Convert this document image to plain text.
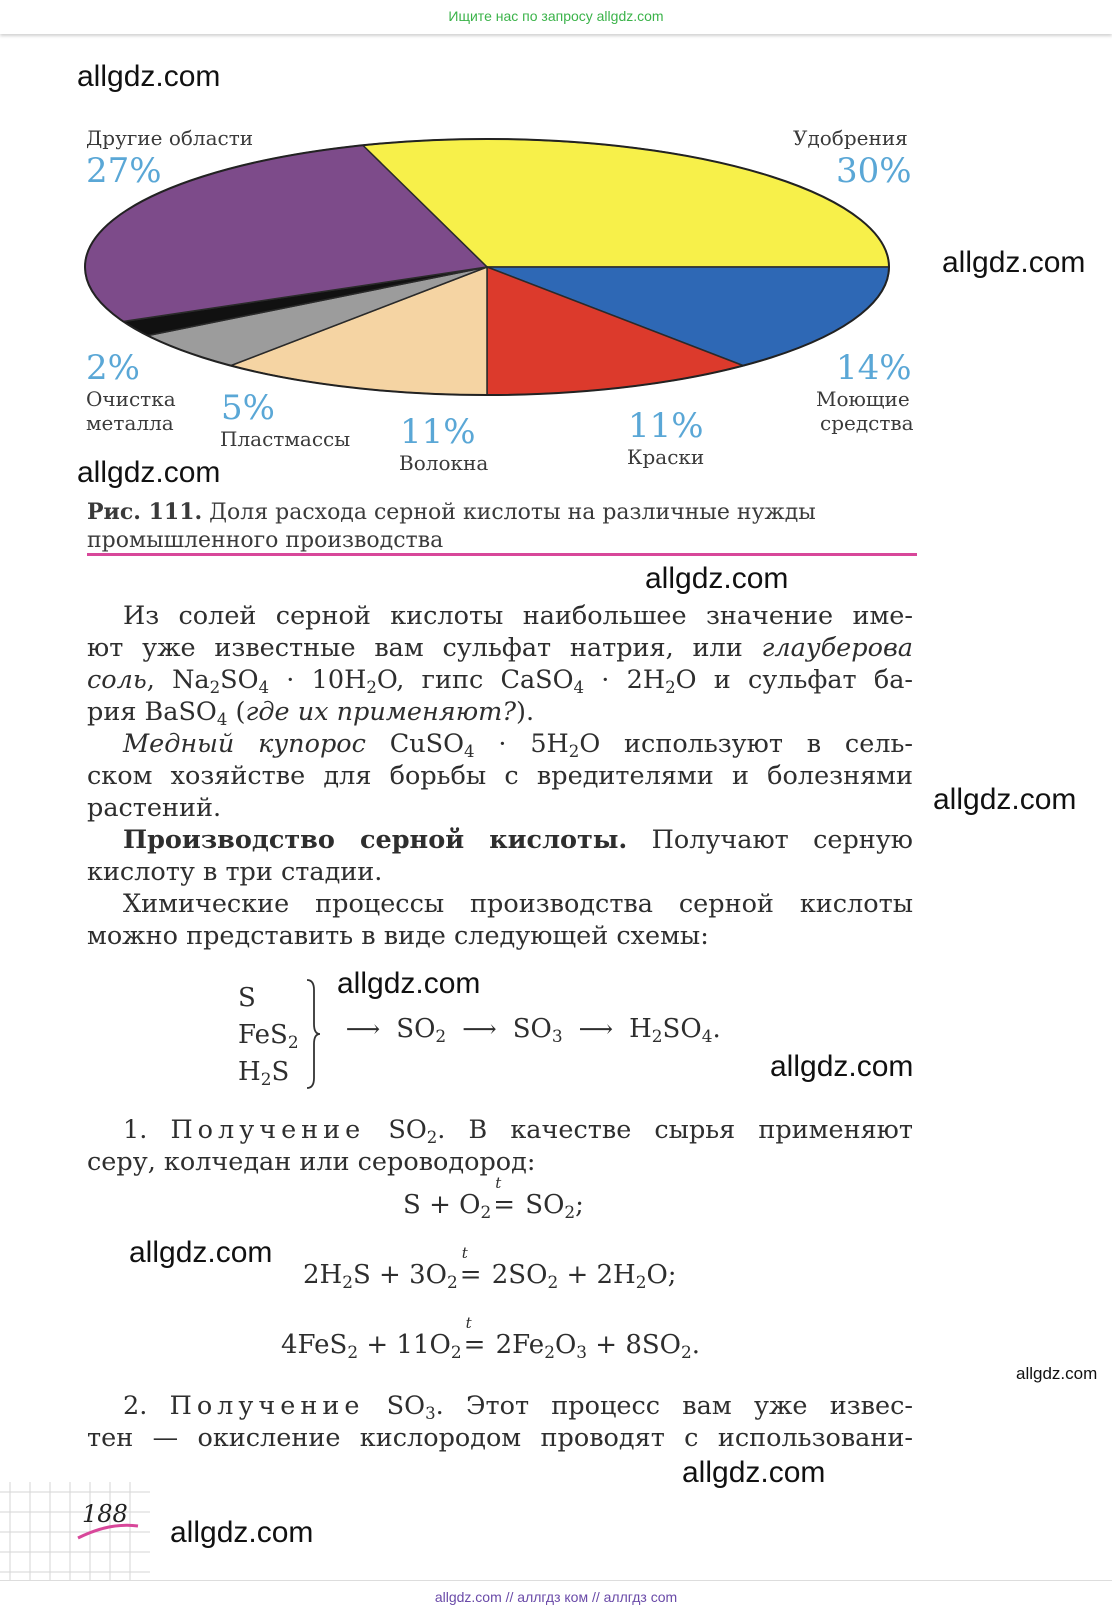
Ищите нас по запросу allgdz.com
allgdz.com
allgdz.com
allgdz.com
allgdz.com
allgdz.com
allgdz.com
allgdz.com
allgdz.com
allgdz.com
allgdz.com
allgdz.com
Другие области
27%
Удобрения
30%
14%
Моющие
средства
11%
Краски
11%
Волокна
5%
Пластмассы
2%
Очистка
металла
Рис. 111. Доля расхода серной кислоты на различные нужды
промышленного производства
Из солей серной кислоты наибольшее значение име-
ют уже известные вам сульфат натрия, или глауберова
соль, $Na_2SO_4 \cdot 10H_2O$, гипс CaSO$_4$ · $2H_2O$ и сульфат ба-
рия BaSO$_4$ (где их применяют?).
Медный купорос CuSO$_4$ · $5H_2O$ используют в сель-
ском хозяйстве для борьбы с вредителями и болезнями
растений.
Производство серной кислоты. Получают серную
кислоту в три стадии.
Химические процессы производства серной кислоты
можно представить в виде следующей схемы:
S
FeS$_2$
$H_2S$
⟶ $SO_2$ ⟶ $SO_3$ ⟶ $H_2SO_4$.
1. Получение $SO_2$. В качестве сырья применяют
серу, колчедан или сероводород:
$S + O_2$
t
= $SO_2$;
$2H_2S + 3O_2$
t
= $2SO_2 + 2H_2O$;
$4FeS_2 + 11O_2$
t
= $2Fe_2O_3 + 8SO_2$.
2. Получение $SO_3$. Этот процесс вам уже извес-
тен — окисление кислородом проводят с использовани-
188
allgdz.com // аллгдз ком // аллгдз com
